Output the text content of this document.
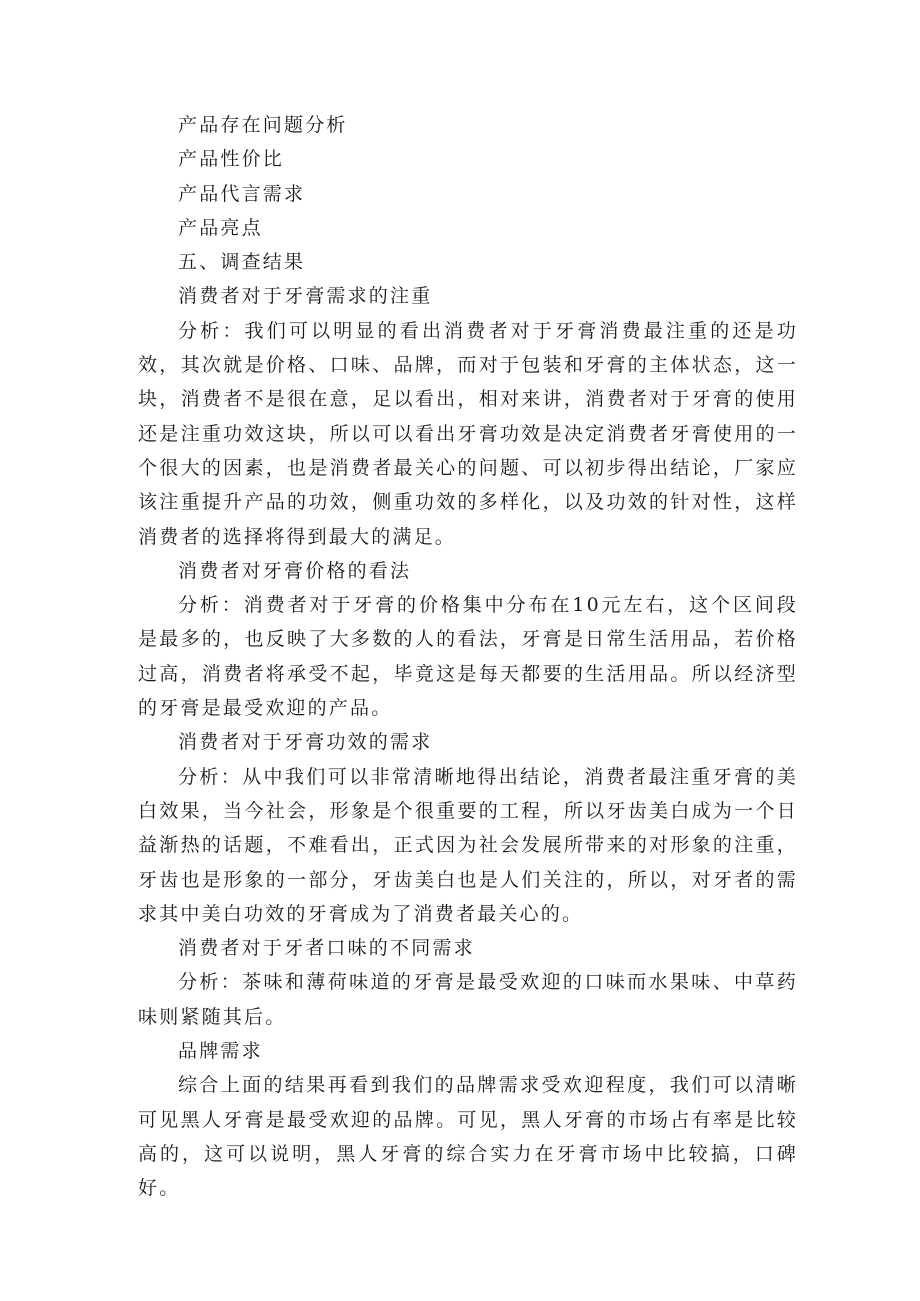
产品存在问题分析

产品性价比

产品代言需求

产品亮点

五、调查结果

消费者对于牙膏需求的注重

分析：我们可以明显的看出消费者对于牙膏消费最注重的还是功效，其次就是价格、口味、品牌，而对于包装和牙膏的主体状态，这一块，消费者不是很在意，足以看出，相对来讲，消费者对于牙膏的使用还是注重功效这块，所以可以看出牙膏功效是决定消费者牙膏使用的一个很大的因素，也是消费者最关心的问题、可以初步得出结论，厂家应该注重提升产品的功效，侧重功效的多样化，以及功效的针对性，这样消费者的选择将得到最大的满足。

消费者对牙膏价格的看法

分析：消费者对于牙膏的价格集中分布在10元左右，这个区间段是最多的，也反映了大多数的人的看法，牙膏是日常生活用品，若价格过高，消费者将承受不起，毕竟这是每天都要的生活用品。所以经济型的牙膏是最受欢迎的产品。

消费者对于牙膏功效的需求

分析：从中我们可以非常清晰地得出结论，消费者最注重牙膏的美白效果，当今社会，形象是个很重要的工程，所以牙齿美白成为一个日益渐热的话题，不难看出，正式因为社会发展所带来的对形象的注重，牙齿也是形象的一部分，牙齿美白也是人们关注的，所以，对牙者的需求其中美白功效的牙膏成为了消费者最关心的。

消费者对于牙者口味的不同需求

分析：茶味和薄荷味道的牙膏是最受欢迎的口味而水果味、中草药味则紧随其后。

品牌需求

综合上面的结果再看到我们的品牌需求受欢迎程度，我们可以清晰可见黑人牙膏是最受欢迎的品牌。可见，黑人牙膏的市场占有率是比较高的，这可以说明，黑人牙膏的综合实力在牙膏市场中比较搞，口碑好。
